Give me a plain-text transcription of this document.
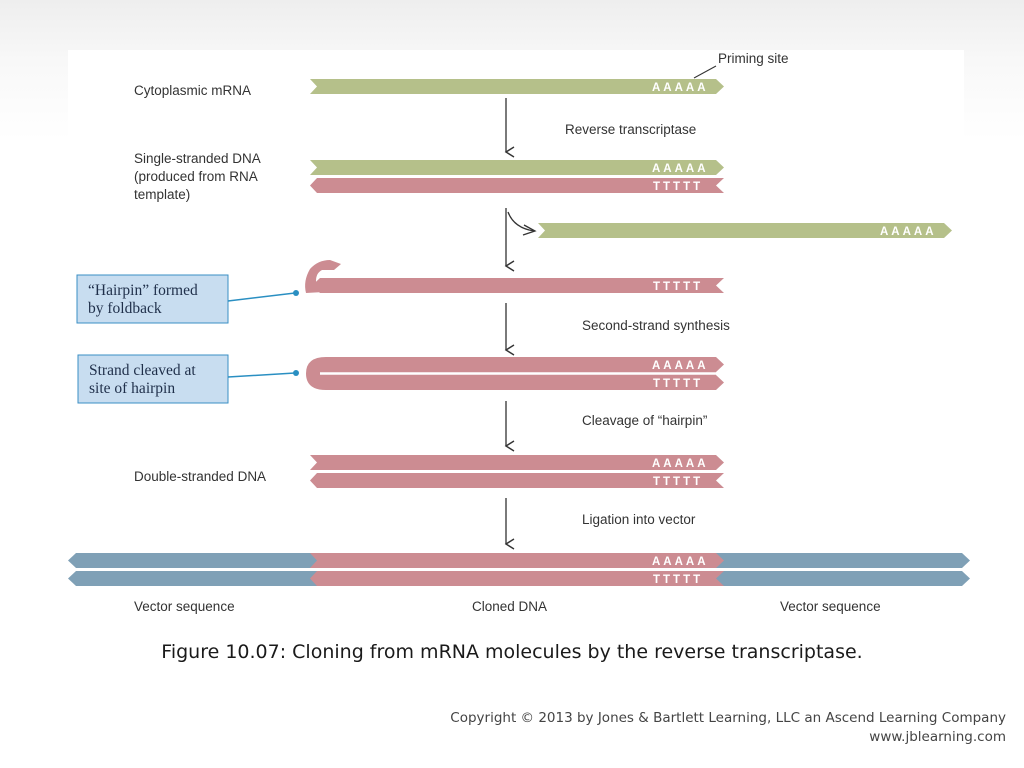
AAAAA
Cytoplasmic mRNA
Priming site
Reverse transcriptase
AAAAA
TTTTT
Single-stranded DNA
(produced from RNA
template)
AAAAA
TTTTT
“Hairpin” formed
by foldback
Second-strand synthesis
AAAAA
TTTTT
Strand cleaved at
site of hairpin
Cleavage of “hairpin”
AAAAA
TTTTT
Double-stranded DNA
Ligation into vector
AAAAA
TTTTT
Vector sequence	Cloned DNA	Vector sequence

Figure 10.07: Cloning from mRNA molecules by the reverse transcriptase.

Copyright © 2013 by Jones & Bartlett Learning, LLC an Ascend Learning Company
www.jblearning.com
